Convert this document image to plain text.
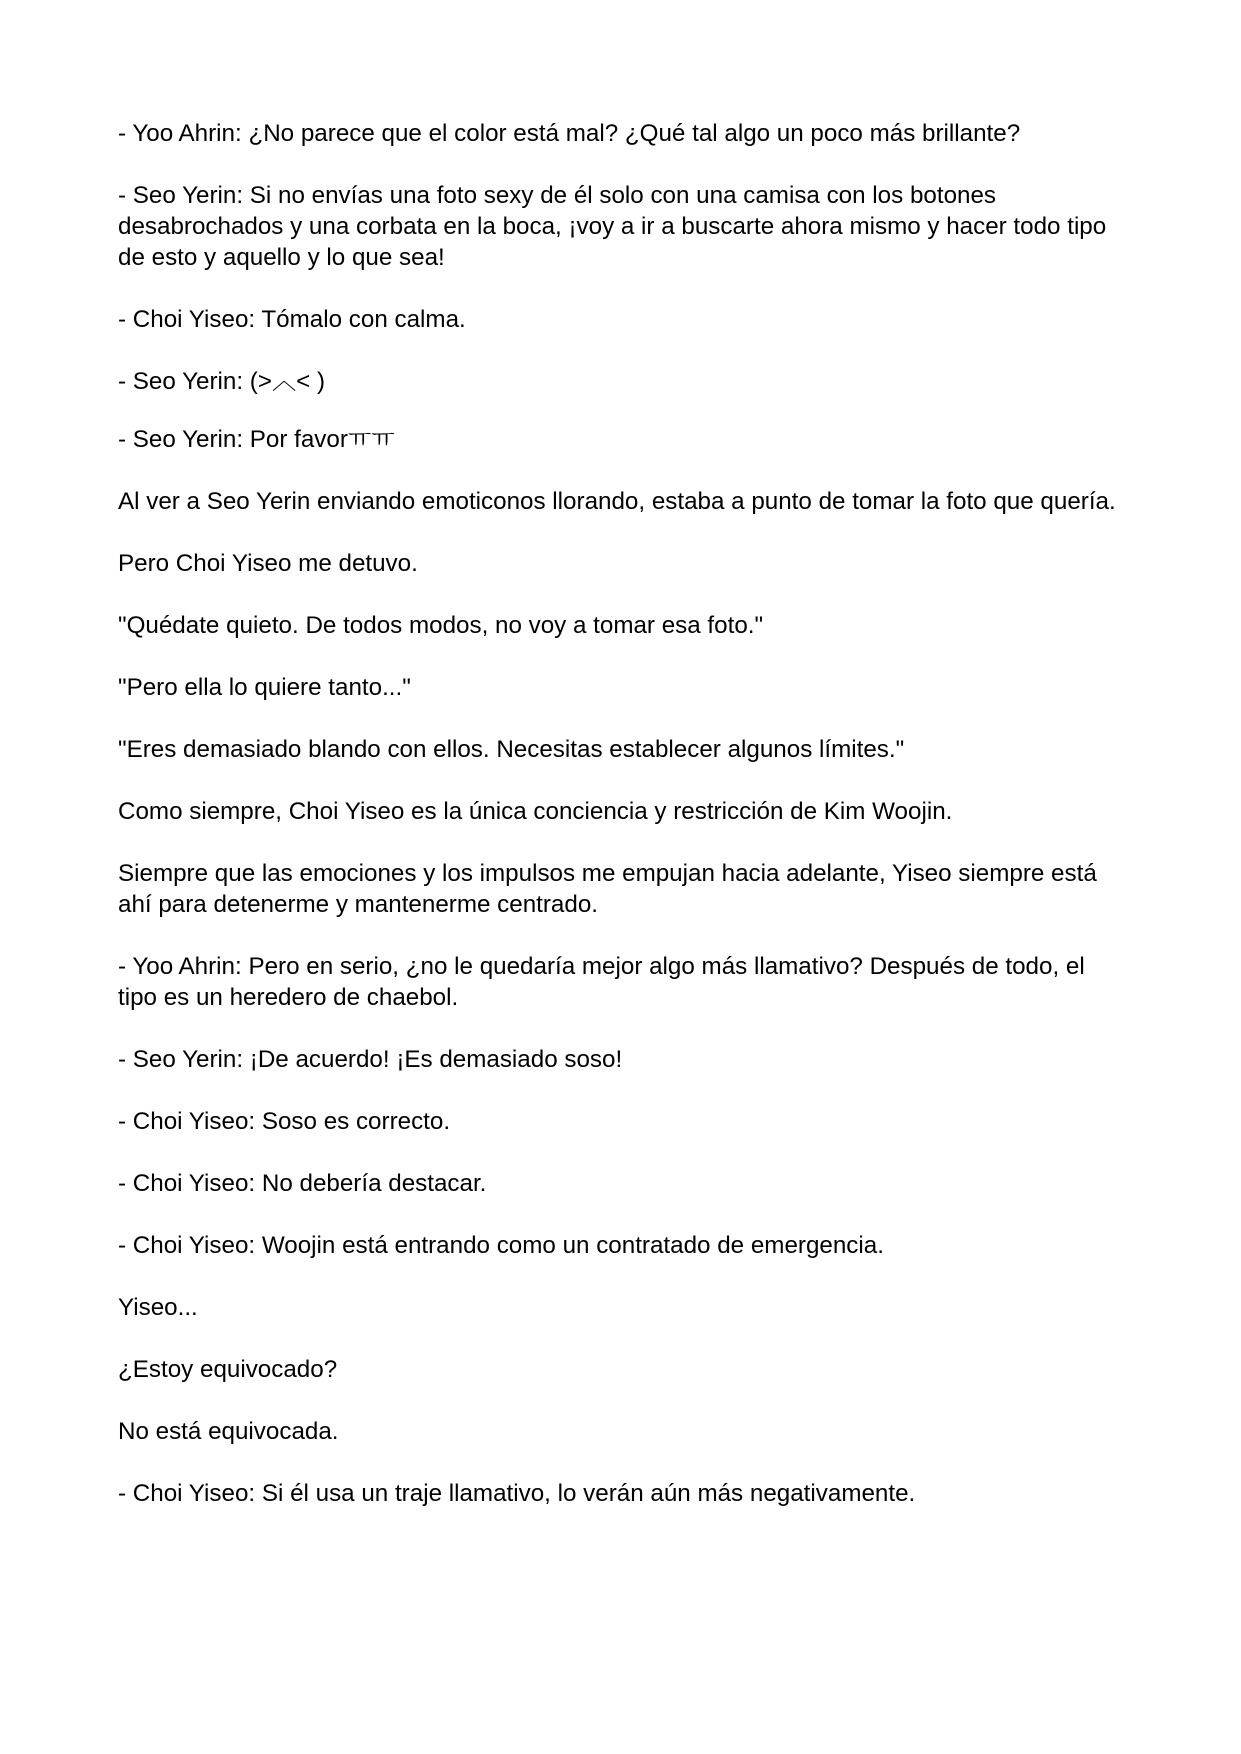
- Yoo Ahrin: ¿No parece que el color está mal? ¿Qué tal algo un poco más brillante?

- Seo Yerin: Si no envías una foto sexy de él solo con una camisa con los botones desabrochados y una corbata en la boca, ¡voy a ir a buscarte ahora mismo y hacer todo tipo de esto y aquello y lo que sea!

- Choi Yiseo: Tómalo con calma.

- Seo Yerin: (>︿< )

- Seo Yerin: Por favorㅠㅠ

Al ver a Seo Yerin enviando emoticonos llorando, estaba a punto de tomar la foto que quería.

Pero Choi Yiseo me detuvo.

"Quédate quieto. De todos modos, no voy a tomar esa foto."

"Pero ella lo quiere tanto..."

"Eres demasiado blando con ellos. Necesitas establecer algunos límites."

Como siempre, Choi Yiseo es la única conciencia y restricción de Kim Woojin.

Siempre que las emociones y los impulsos me empujan hacia adelante, Yiseo siempre está ahí para detenerme y mantenerme centrado.

- Yoo Ahrin: Pero en serio, ¿no le quedaría mejor algo más llamativo? Después de todo, el tipo es un heredero de chaebol.

- Seo Yerin: ¡De acuerdo! ¡Es demasiado soso!

- Choi Yiseo: Soso es correcto.

- Choi Yiseo: No debería destacar.

- Choi Yiseo: Woojin está entrando como un contratado de emergencia.

Yiseo...

¿Estoy equivocado?

No está equivocada.

- Choi Yiseo: Si él usa un traje llamativo, lo verán aún más negativamente.
